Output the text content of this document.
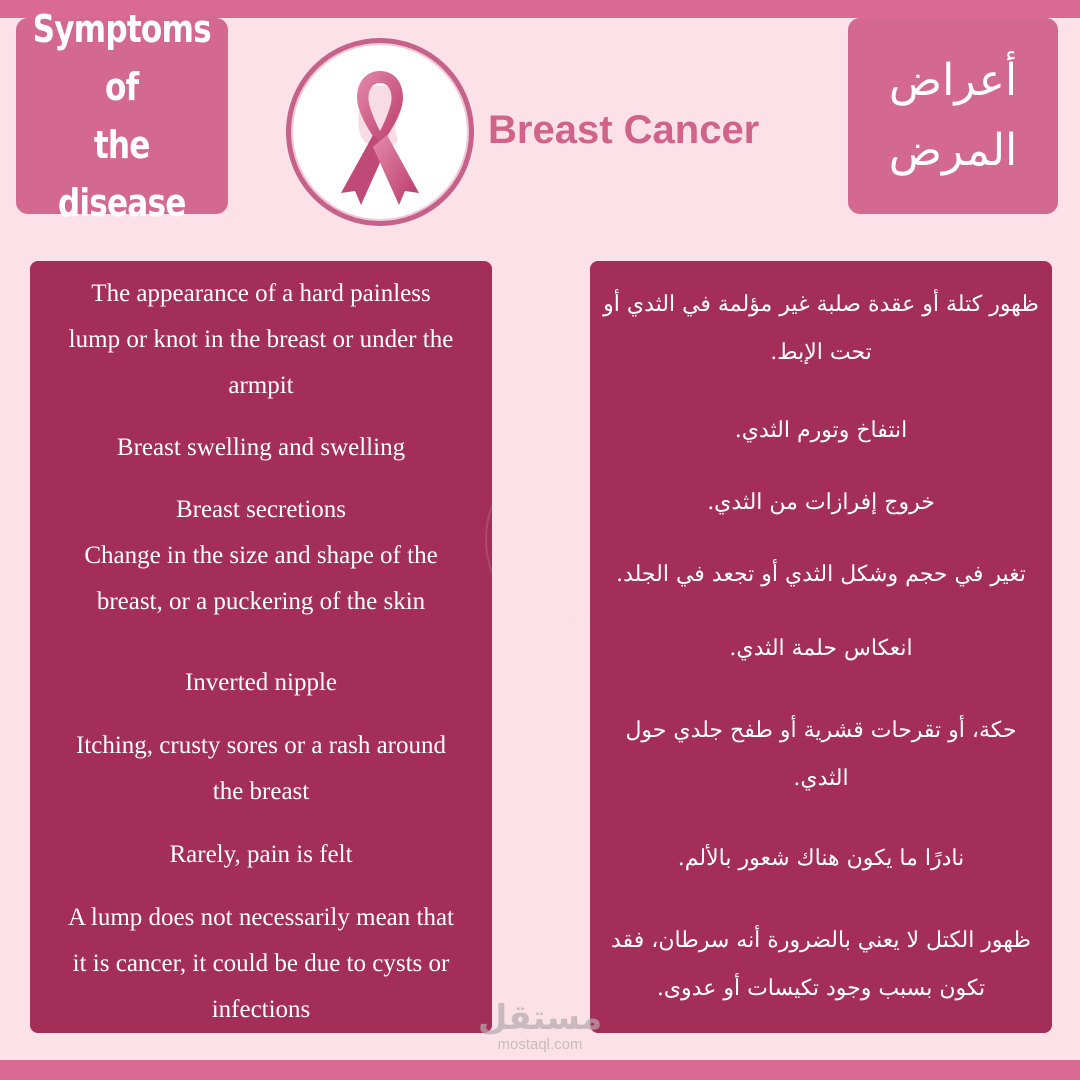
Symptoms of
the disease
Breast Cancer
أعراض
المرض
The appearance of a hard painless
lump or knot in the breast or under the
armpit
Breast swelling and swelling
Breast secretions
Change in the size and shape of the
breast, or a puckering of the skin
Inverted nipple
Itching, crusty sores or a rash around
the breast
Rarely, pain is felt
A lump does not necessarily mean that
it is cancer, it could be due to cysts or
infections
ظهور كتلة أو عقدة صلبة غير مؤلمة في الثدي أو
تحت الإبط.
انتفاخ وتورم الثدي.
خروج إفرازات من الثدي.
تغير في حجم وشكل الثدي أو تجعد في الجلد.
انعكاس حلمة الثدي.
حكة، أو تقرحات قشرية أو طفح جلدي حول
الثدي.
نادرًا ما يكون هناك شعور بالألم.
ظهور الكتل لا يعني بالضرورة أنه سرطان، فقد
تكون بسبب وجود تكيسات أو عدوى.
مستقل
mostaql.com
